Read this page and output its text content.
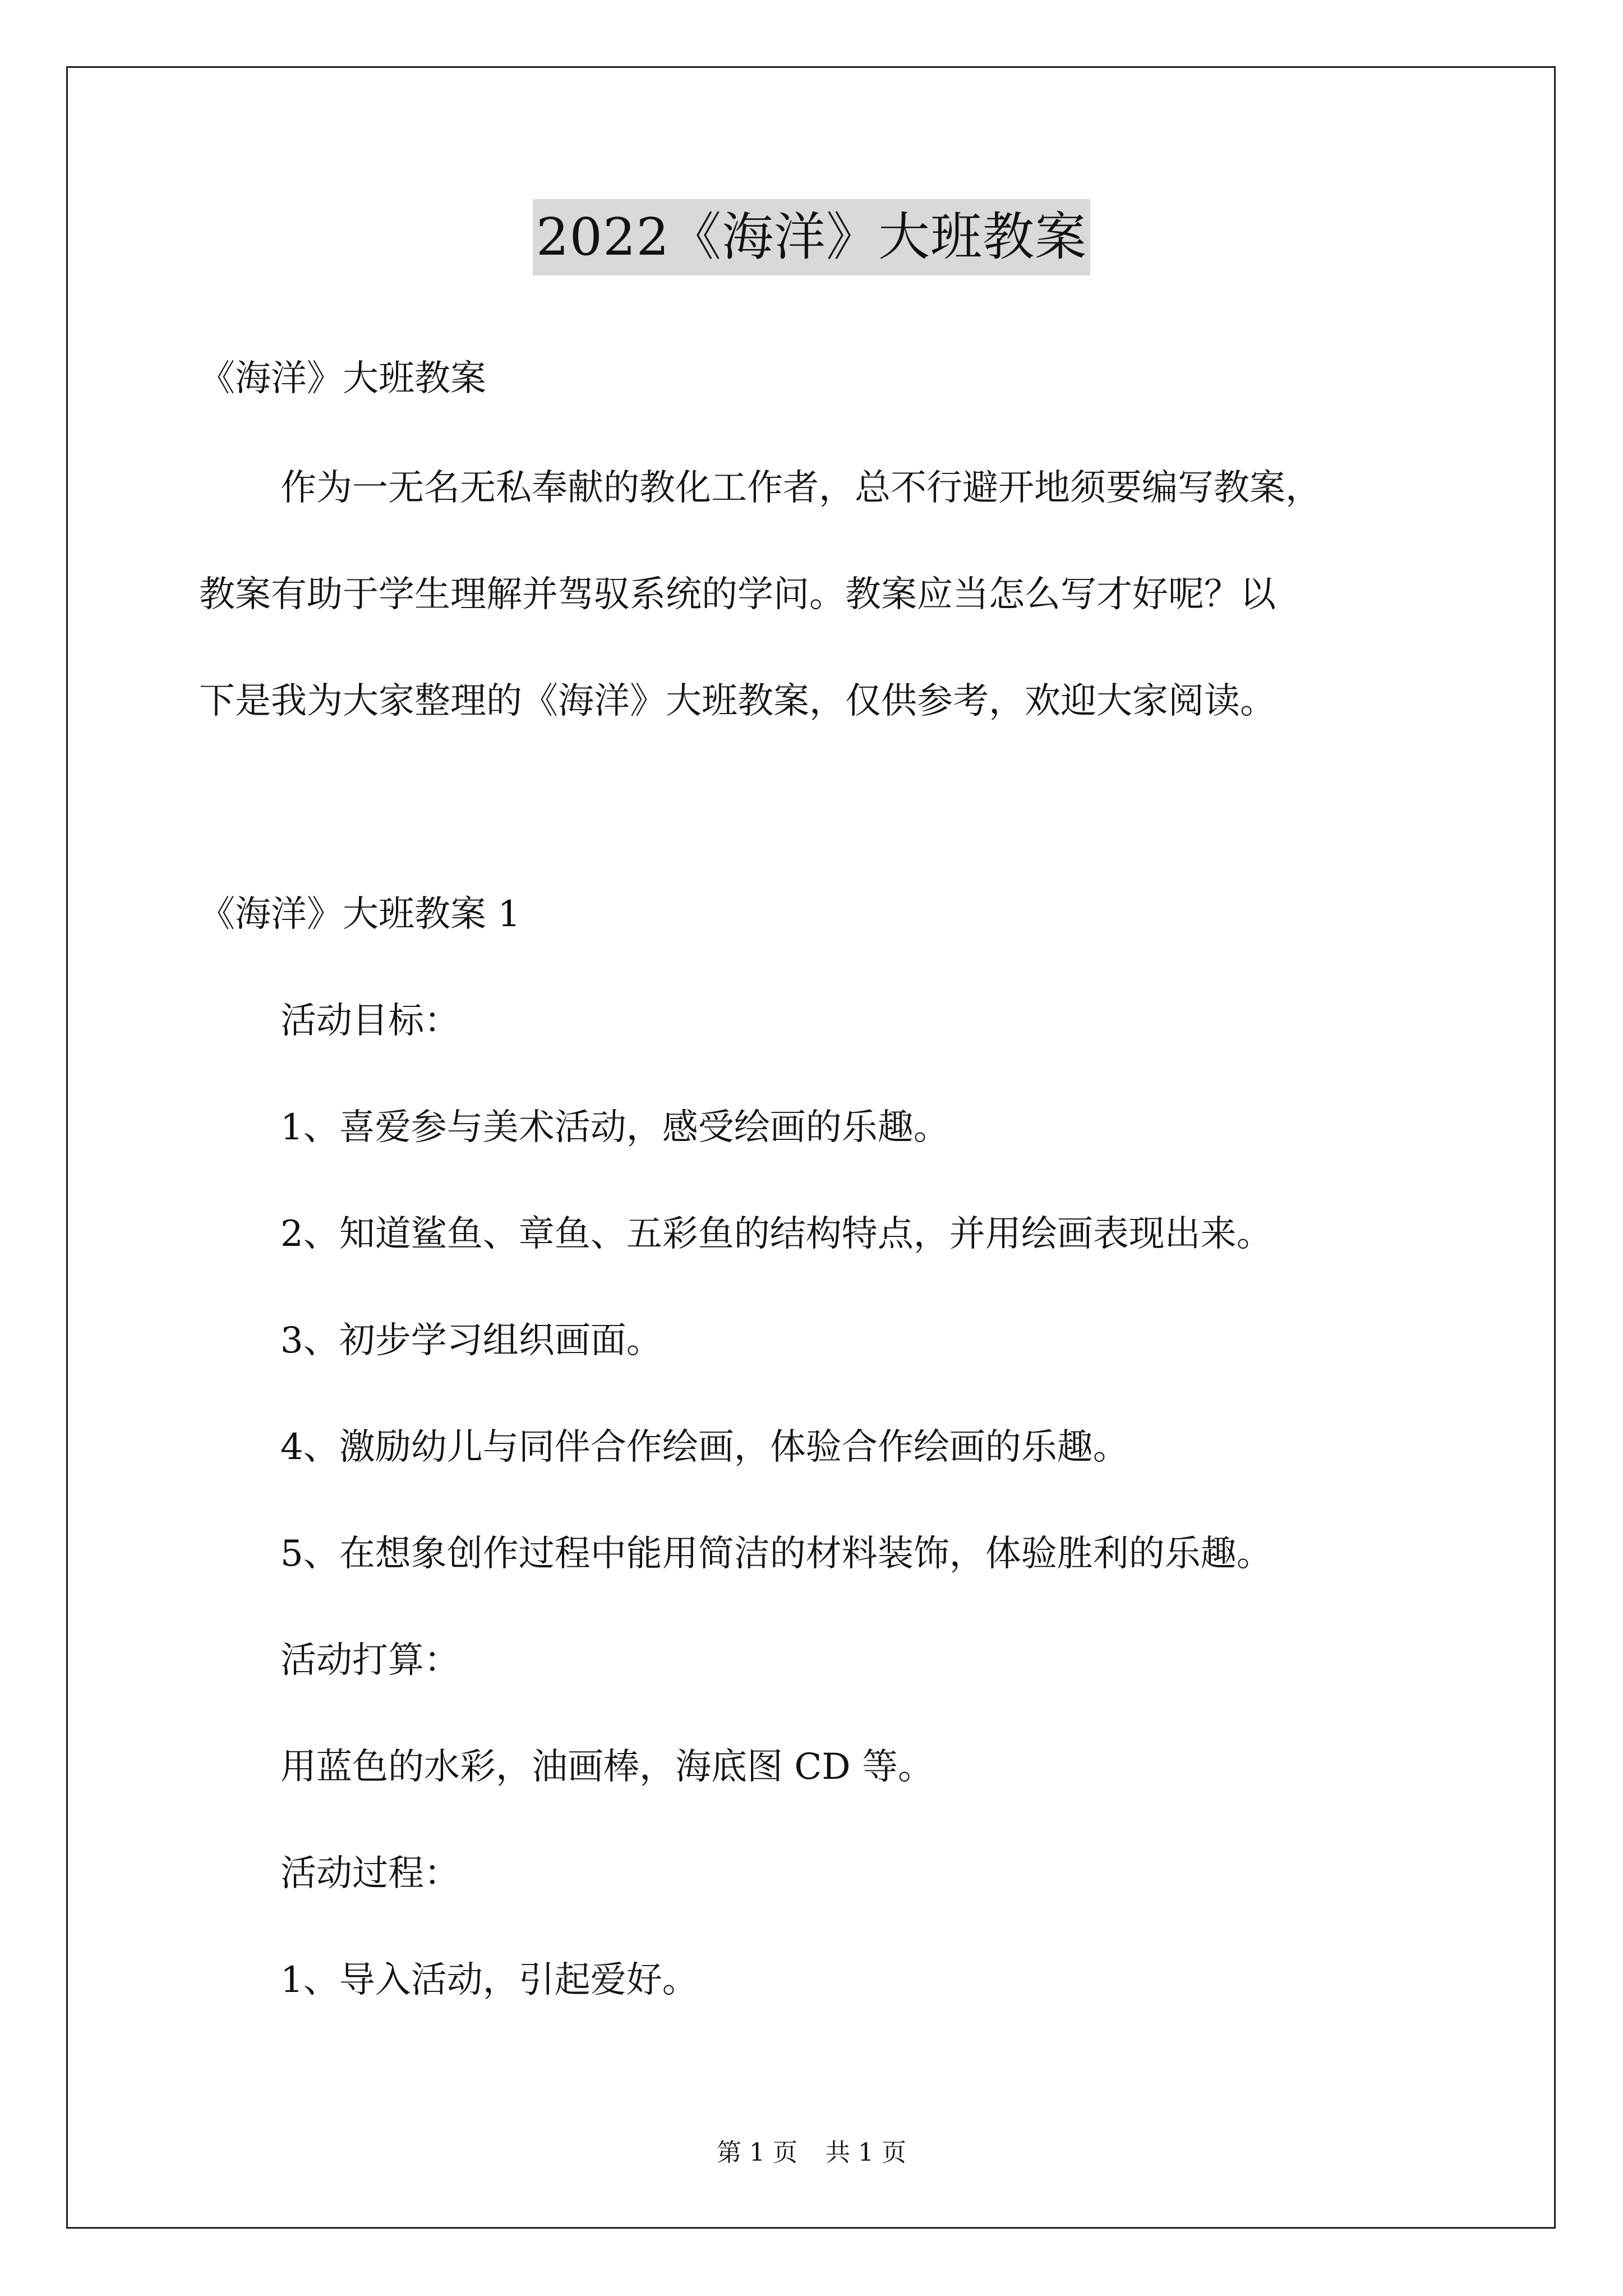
2022《海洋》大班教案
《海洋》大班教案
作为一无名无私奉献的教化工作者，总不行避开地须要编写教案，
教案有助于学生理解并驾驭系统的学问。教案应当怎么写才好呢？以
下是我为大家整理的《海洋》大班教案，仅供参考，欢迎大家阅读。
《海洋》大班教案 1
活动目标：
1、喜爱参与美术活动，感受绘画的乐趣。
2、知道鲨鱼、章鱼、五彩鱼的结构特点，并用绘画表现出来。
3、初步学习组织画面。
4、激励幼儿与同伴合作绘画，体验合作绘画的乐趣。
5、在想象创作过程中能用简洁的材料装饰，体验胜利的乐趣。
活动打算：
用蓝色的水彩，油画棒，海底图 CD 等。
活动过程：
1、导入活动，引起爱好。
第 1 页 共 1 页
